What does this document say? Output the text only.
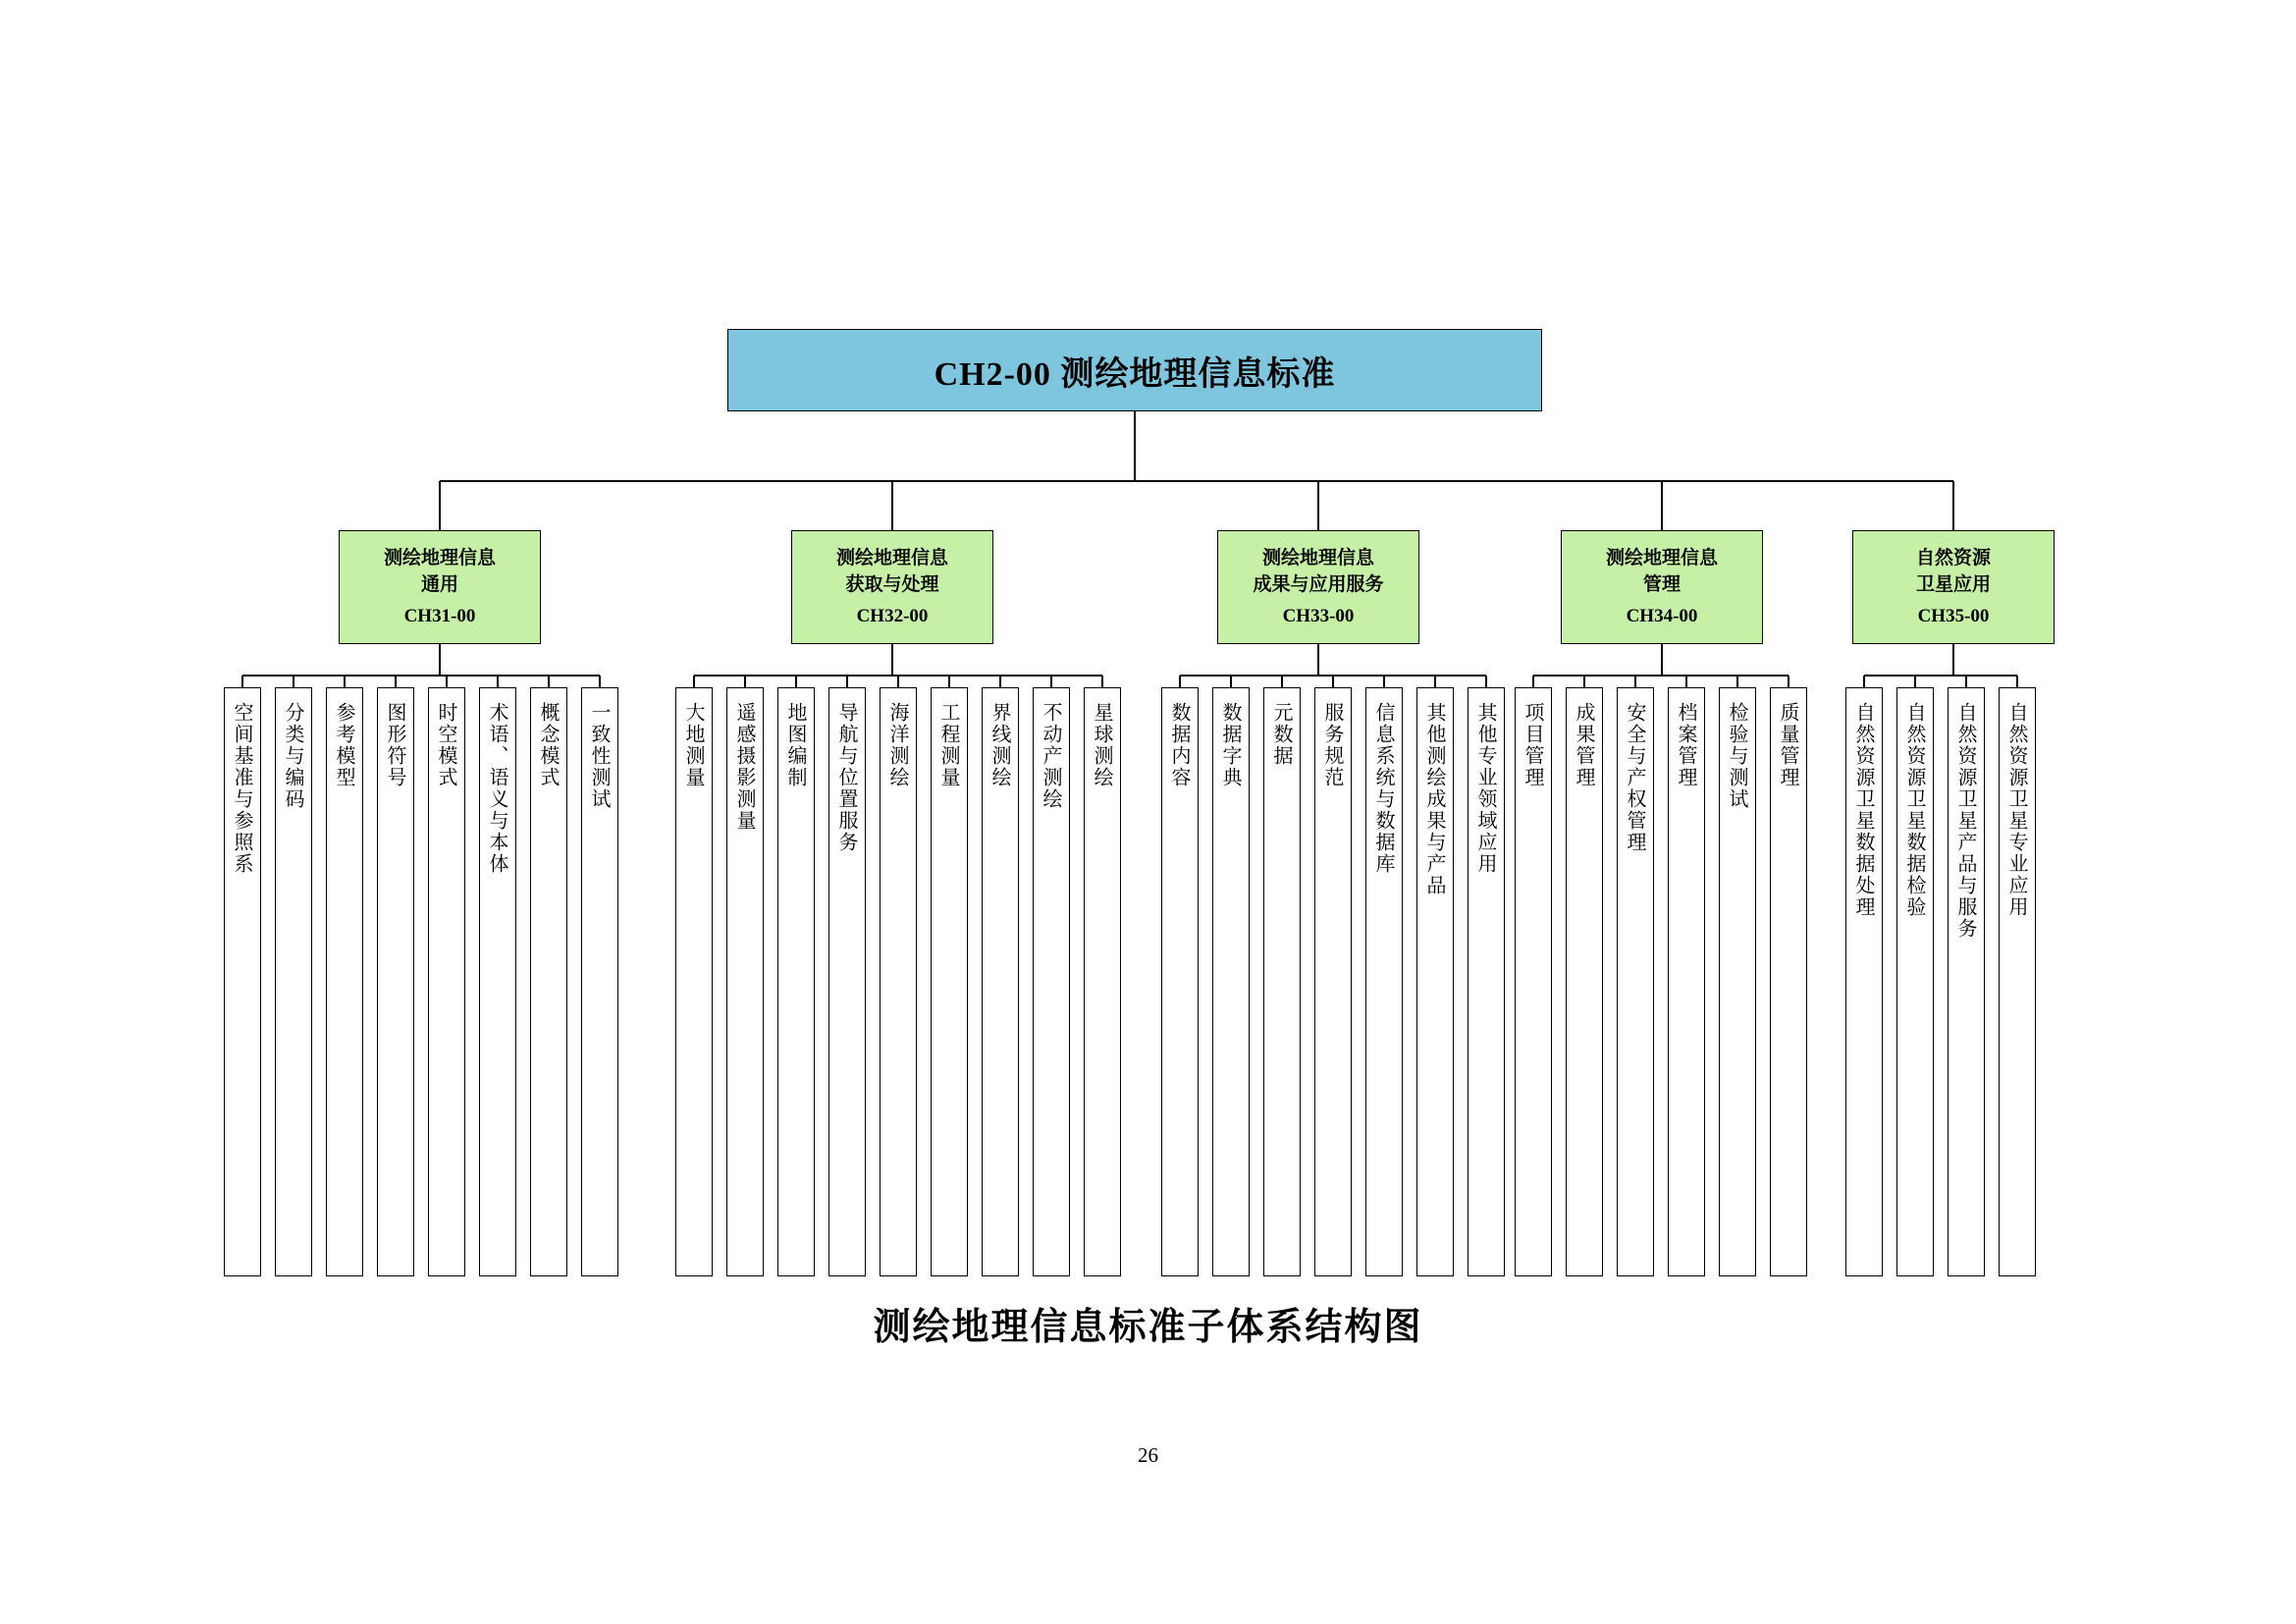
CH2-00 测绘地理信息标准
测绘地理信息
通用
CH31-00
测绘地理信息
获取与处理
CH32-00
测绘地理信息
成果与应用服务
CH33-00
测绘地理信息
管理
CH34-00
自然资源
卫星应用
CH35-00
空间基准与参照系	分类与编码	参考模型	图形符号	时空模式	术语、语义与本体	概念模式	一致性测试	大地测量	遥感摄影测量	地图编制	导航与位置服务	海洋测绘	工程测量	界线测绘	不动产测绘	星球测绘	数据内容	数据字典	元数据	服务规范	信息系统与数据库	其他测绘成果与产品	其他专业领域应用	项目管理	成果管理	安全与产权管理	档案管理	检验与测试	质量管理	自然资源卫星数据处理	自然资源卫星数据检验	自然资源卫星产品与服务	自然资源卫星专业应用
测绘地理信息标准子体系结构图
26
